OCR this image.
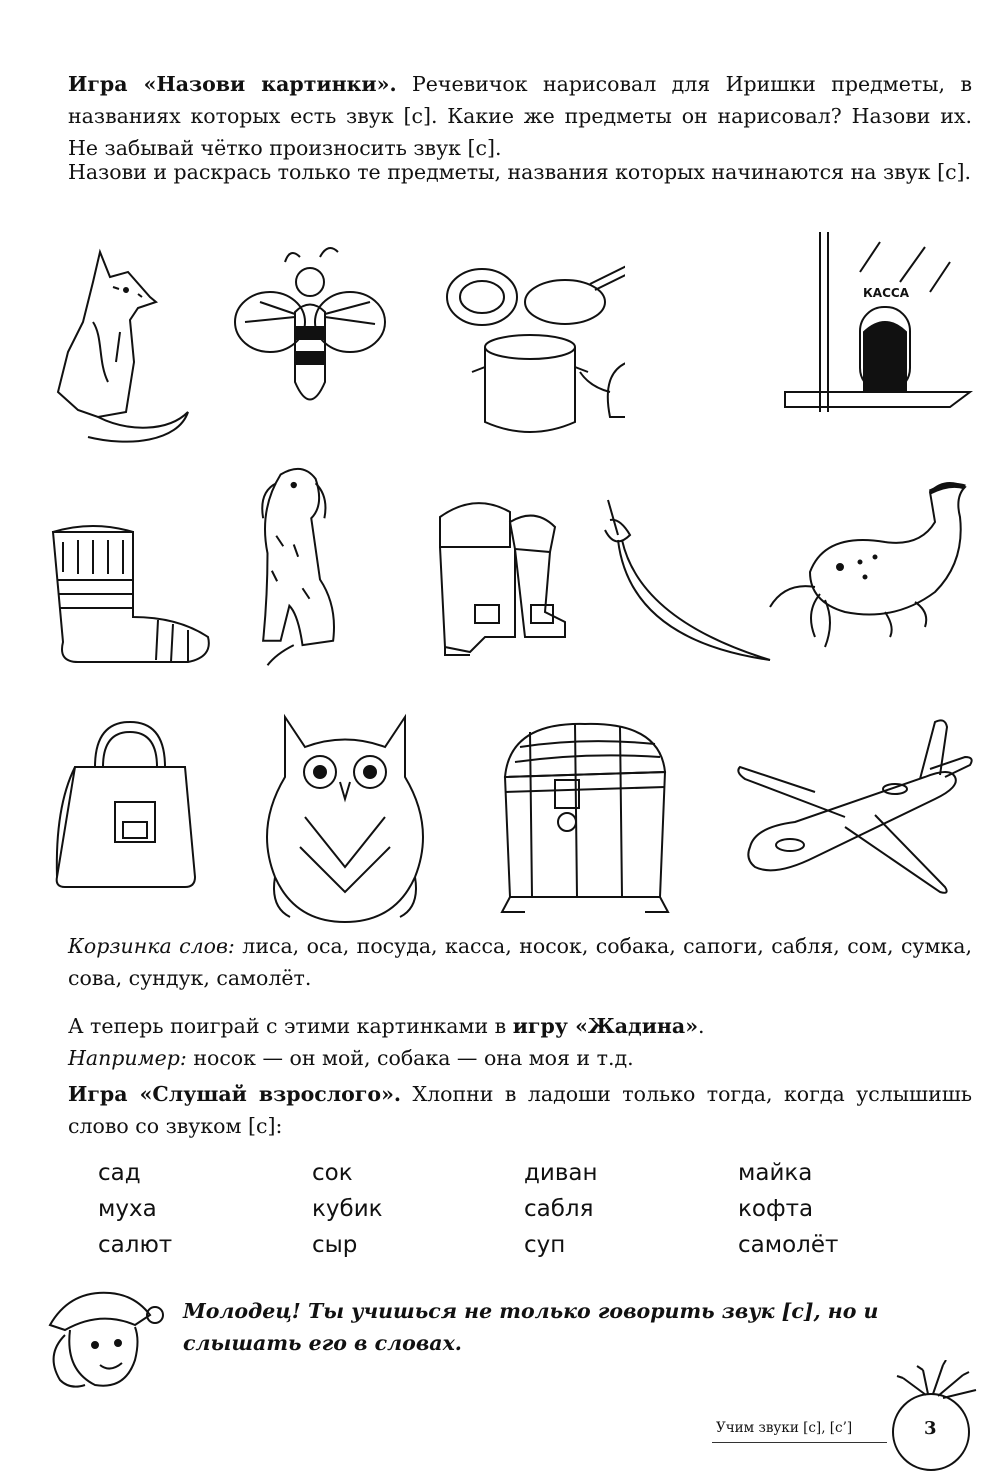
Игра «Назови картинки». Речевичок нарисовал для Иришки предметы, в названиях которых есть звук [с]. Какие же предметы он нарисовал? Назови их. Не забывай чётко произносить звук [с].

Назови и раскрась только те предметы, названия которых начинаются на звук [с].

КАССА

Корзинка слов: лиса, оса, посуда, касса, носок, собака, сапоги, сабля, сом, сумка, сова, сундук, самолёт.

А теперь поиграй с этими картинками в игру «Жадина».
Например: носок — он мой, собака — она моя и т.д.

Игра «Слушай взрослого». Хлопни в ладоши только тогда, когда услышишь слово со звуком [с]:

сад
муха
салют
сок
кубик
сыр
диван
сабля
суп
майка
кофта
самолёт

Молодец! Ты учишься не только говорить звук [с], но и слышать его в словах.

Учим звуки [с], [с’]	3
